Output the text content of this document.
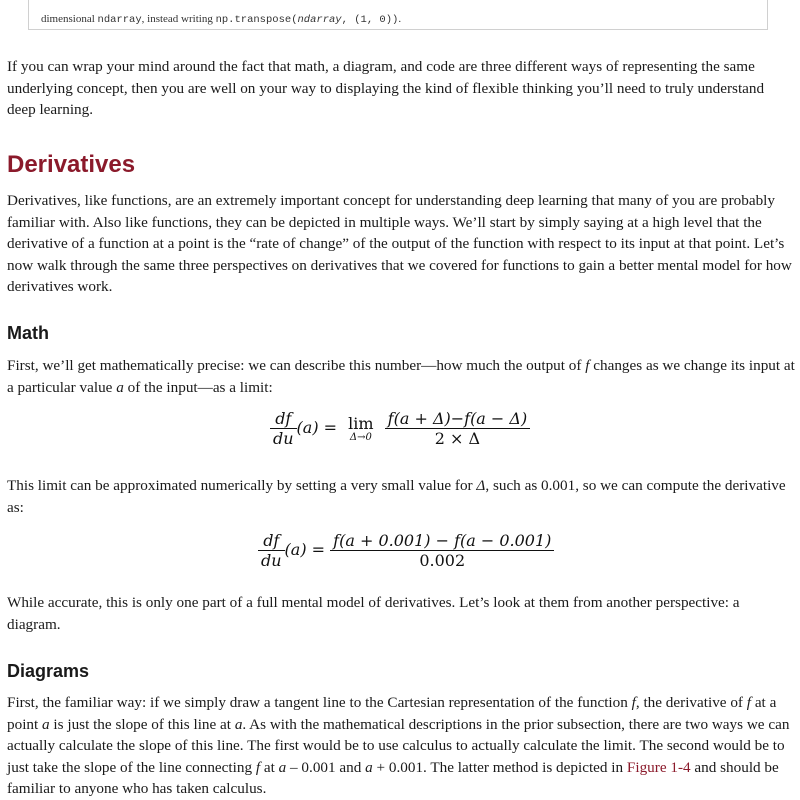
dimensional ndarray, instead writing np.transpose(ndarray, (1, 0)).

If you can wrap your mind around the fact that math, a diagram, and code are three different ways of representing the same underlying concept, then you are well on your way to displaying the kind of flexible thinking you’ll need to truly understand deep learning.

Derivatives

Derivatives, like functions, are an extremely important concept for understanding deep learning that many of you are probably familiar with. Also like functions, they can be depicted in multiple ways. We’ll start by simply saying at a high level that the derivative of a function at a point is the “rate of change” of the output of the function with respect to its input at that point. Let’s now walk through the same three perspectives on derivatives that we covered for functions to gain a better mental model for how derivatives work.

Math

First, we’ll get mathematically precise: we can describe this number—how much the output of f changes as we change its input at a particular value a of the input—as a limit:

$\frac{df}{du} (a) = \lim$
Δ→0
$\frac{f(a + \Delta)-f(a - \Delta)}{2 \times \Delta}$

This limit can be approximated numerically by setting a very small value for Δ, such as 0.001, so we can compute the derivative as:

$\frac{df}{du} (a) = \frac{f(a + 0.001) - f(a - 0.001)}{0.002}$

While accurate, this is only one part of a full mental model of derivatives. Let’s look at them from another perspective: a diagram.

Diagrams

First, the familiar way: if we simply draw a tangent line to the Cartesian representation of the function f, the derivative of f at a point a is just the slope of this line at a. As with the mathematical descriptions in the prior subsection, there are two ways we can actually calculate the slope of this line. The first would be to use calculus to actually calculate the limit. The second would be to just take the slope of the line connecting f at a – 0.001 and a + 0.001. The latter method is depicted in Figure 1-4 and should be familiar to anyone who has taken calculus.
